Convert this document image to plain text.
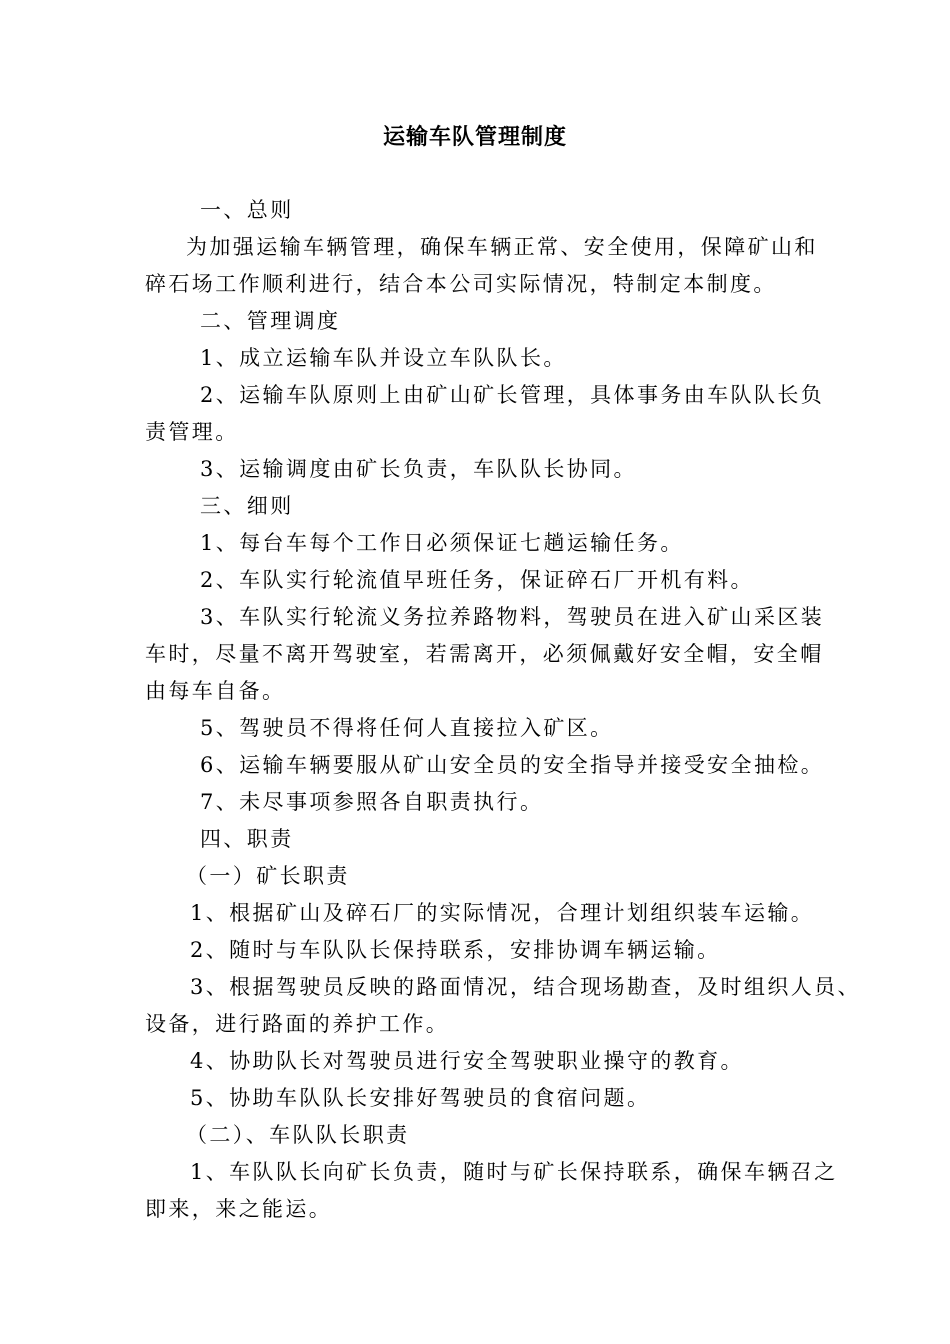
运输车队管理制度
一、总则
为加强运输车辆管理，确保车辆正常、安全使用，保障矿山和
碎石场工作顺利进行，结合本公司实际情况，特制定本制度。
二、管理调度
1、成立运输车队并设立车队队长。
2、运输车队原则上由矿山矿长管理，具体事务由车队队长负
责管理。
3、运输调度由矿长负责，车队队长协同。
三、细则
1、每台车每个工作日必须保证七趟运输任务。
2、车队实行轮流值早班任务，保证碎石厂开机有料。
3、车队实行轮流义务拉养路物料，驾驶员在进入矿山采区装
车时，尽量不离开驾驶室，若需离开，必须佩戴好安全帽，安全帽
由每车自备。
5、驾驶员不得将任何人直接拉入矿区。
6、运输车辆要服从矿山安全员的安全指导并接受安全抽检。
7、未尽事项参照各自职责执行。
四、职责
（一）矿长职责
1、根据矿山及碎石厂的实际情况，合理计划组织装车运输。
2、随时与车队队长保持联系，安排协调车辆运输。
3、根据驾驶员反映的路面情况，结合现场勘查，及时组织人员、
设备，进行路面的养护工作。
4、协助队长对驾驶员进行安全驾驶职业操守的教育。
5、协助车队队长安排好驾驶员的食宿问题。
（二）、车队队长职责
1、车队队长向矿长负责，随时与矿长保持联系，确保车辆召之
即来，来之能运。
